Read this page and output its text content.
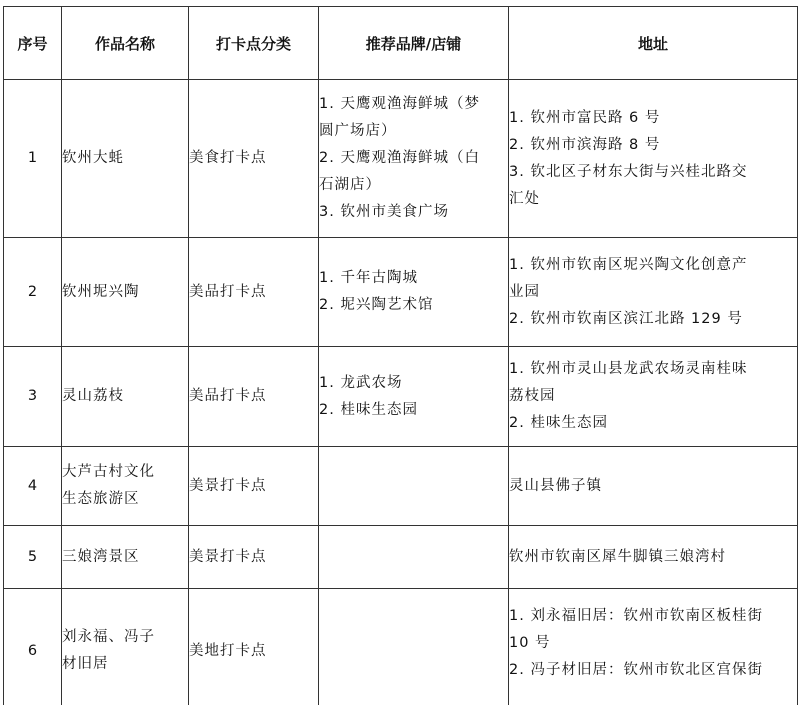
序号	作品名称	打卡点分类	推荐品牌/店铺	地址
1	钦州大蚝	美食打卡点	1. 天鹰观渔海鲜城（梦
圆广场店）
2. 天鹰观渔海鲜城（白
石湖店）
3. 钦州市美食广场	1. 钦州市富民路 6 号
2. 钦州市滨海路 8 号
3. 钦北区子材东大街与兴桂北路交
汇处

2	钦州坭兴陶	美品打卡点	1. 千年古陶城
2. 坭兴陶艺术馆	1. 钦州市钦南区坭兴陶文化创意产
业园
2. 钦州市钦南区滨江北路 129 号

3	灵山荔枝	美品打卡点	1. 龙武农场
2. 桂味生态园	1. 钦州市灵山县龙武农场灵南桂味
荔枝园
2. 桂味生态园

4	大芦古村文化
生态旅游区	美景打卡点		灵山县佛子镇

5	三娘湾景区	美景打卡点		钦州市钦南区犀牛脚镇三娘湾村

6	刘永福、冯子
材旧居	美地打卡点		1. 刘永福旧居：钦州市钦南区板桂街
10 号
2. 冯子材旧居：钦州市钦北区宫保街
